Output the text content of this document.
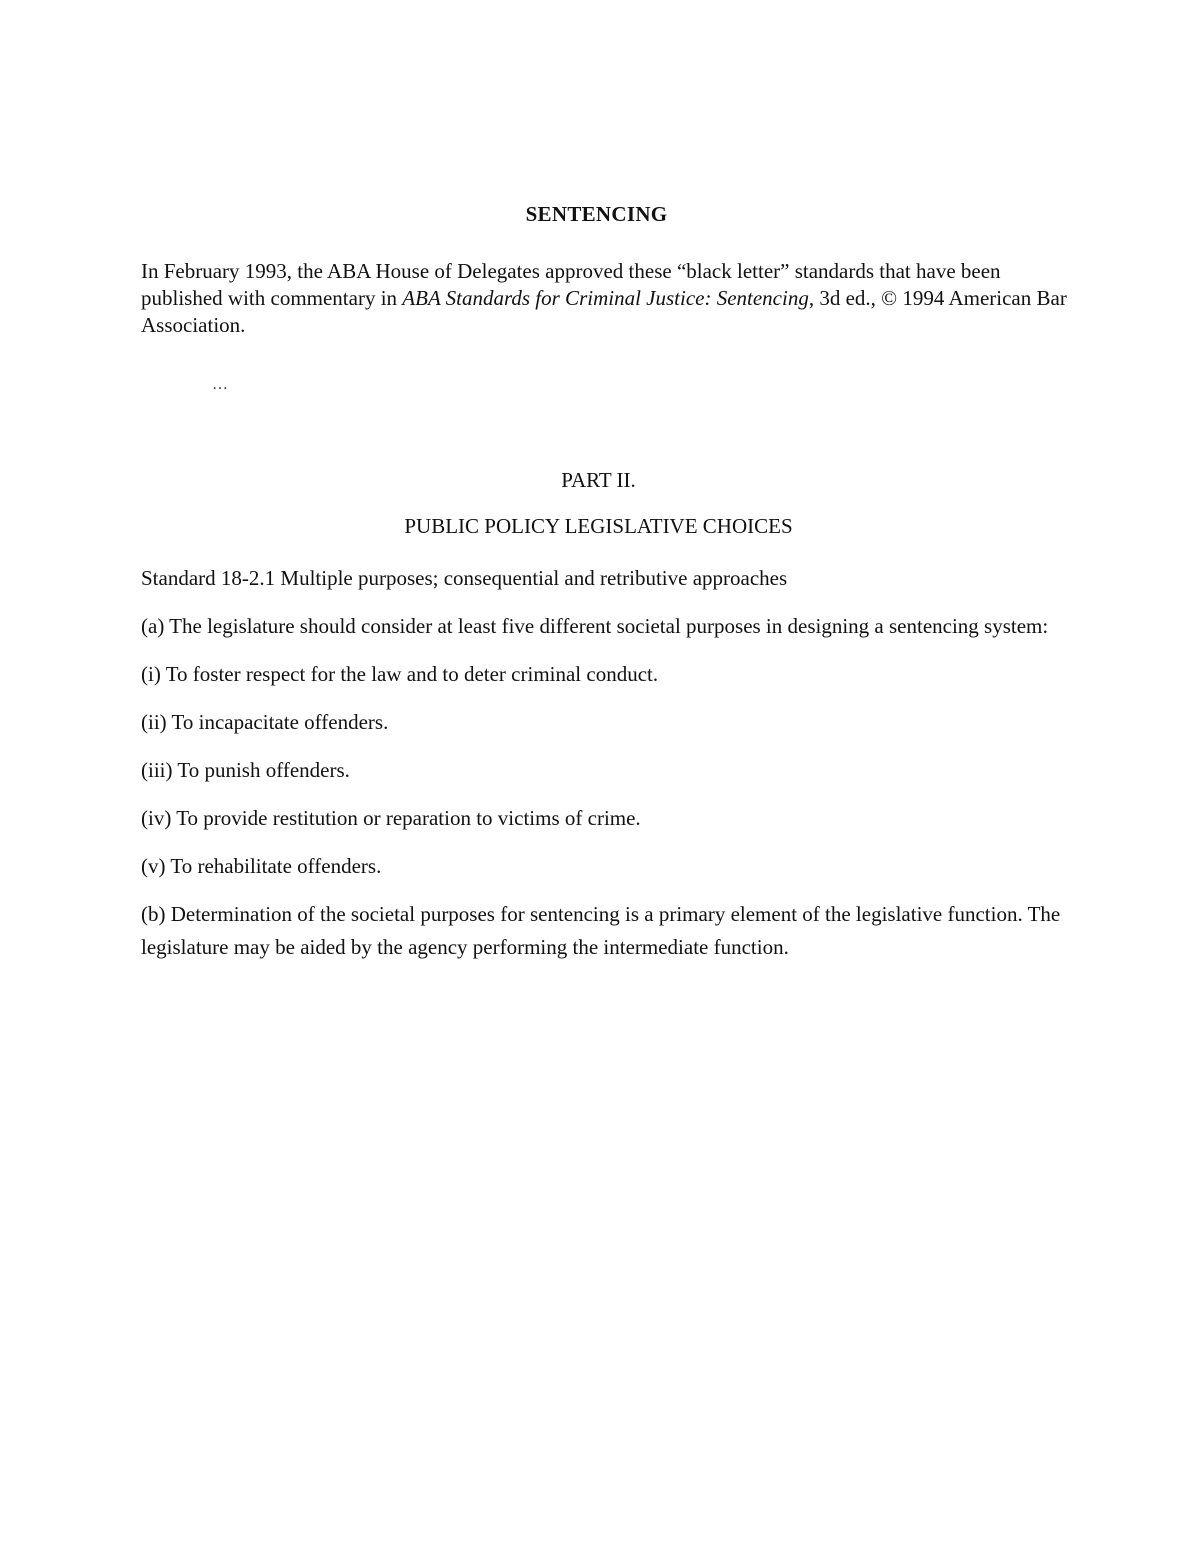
SENTENCING
In February 1993, the ABA House of Delegates approved these “black letter” standards that have been published with commentary in ABA Standards for Criminal Justice: Sentencing, 3d ed., © 1994 American Bar Association.
…
PART II.
PUBLIC POLICY LEGISLATIVE CHOICES

Standard 18-2.1 Multiple purposes; consequential and retributive approaches

(a) The legislature should consider at least five different societal purposes in designing a sentencing system:

(i) To foster respect for the law and to deter criminal conduct.

(ii) To incapacitate offenders.

(iii) To punish offenders.

(iv) To provide restitution or reparation to victims of crime.

(v) To rehabilitate offenders.

(b) Determination of the societal purposes for sentencing is a primary element of the legislative function. The legislature may be aided by the agency performing the intermediate function.
